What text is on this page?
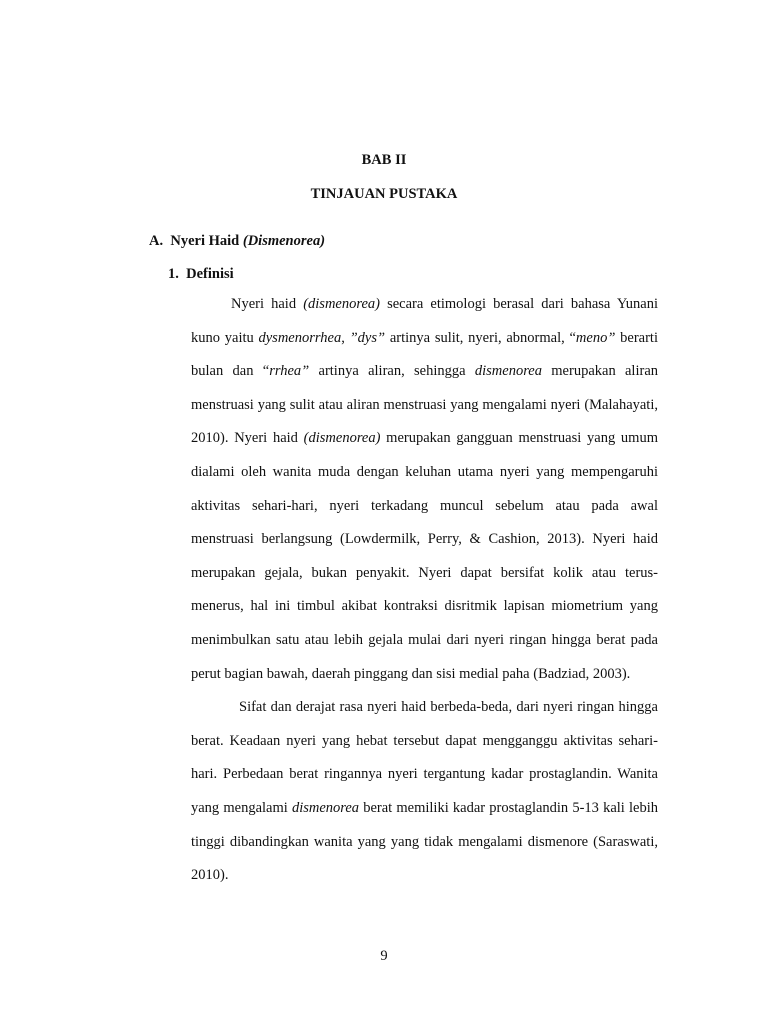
BAB II
TINJAUAN PUSTAKA
A. Nyeri Haid (Dismenorea)
1. Definisi

Nyeri haid (dismenorea) secara etimologi berasal dari bahasa Yunani kuno yaitu dysmenorrhea, ”dys” artinya sulit, nyeri, abnormal, “meno” berarti bulan dan “rrhea” artinya aliran, sehingga dismenorea merupakan aliran menstruasi yang sulit atau aliran menstruasi yang mengalami nyeri (Malahayati, 2010). Nyeri haid (dismenorea) merupakan gangguan menstruasi yang umum dialami oleh wanita muda dengan keluhan utama nyeri yang mempengaruhi aktivitas sehari-hari, nyeri terkadang muncul sebelum atau pada awal menstruasi berlangsung (Lowdermilk, Perry, & Cashion, 2013). Nyeri haid merupakan gejala, bukan penyakit. Nyeri dapat bersifat kolik atau terus-menerus, hal ini timbul akibat kontraksi disritmik lapisan miometrium yang menimbulkan satu atau lebih gejala mulai dari nyeri ringan hingga berat pada perut bagian bawah, daerah pinggang dan sisi medial paha (Badziad, 2003).

Sifat dan derajat rasa nyeri haid berbeda-beda, dari nyeri ringan hingga berat. Keadaan nyeri yang hebat tersebut dapat mengganggu aktivitas sehari-hari. Perbedaan berat ringannya nyeri tergantung kadar prostaglandin. Wanita yang mengalami dismenorea berat memiliki kadar prostaglandin 5-13 kali lebih tinggi dibandingkan wanita yang yang tidak mengalami dismenore (Saraswati, 2010).

9
